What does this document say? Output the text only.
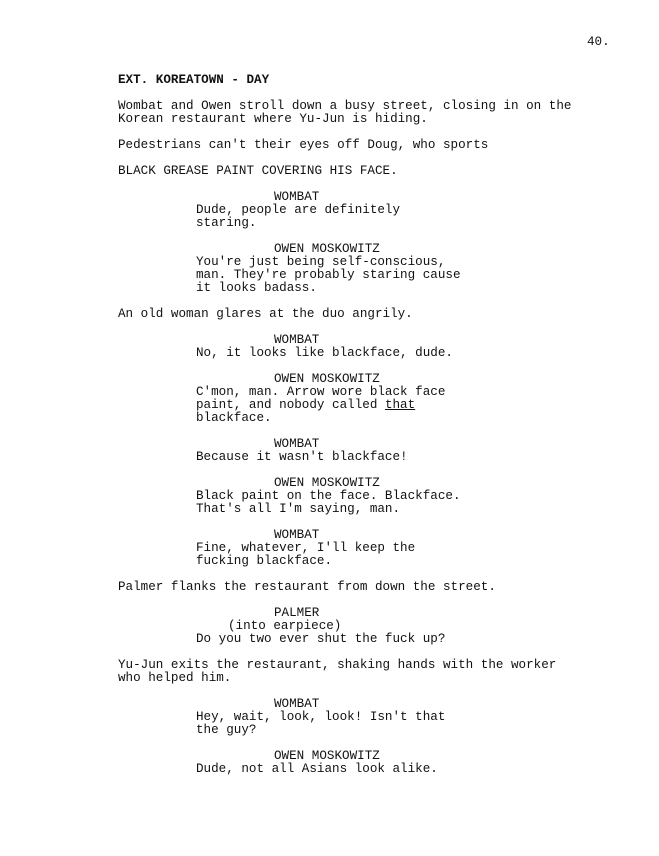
40.
EXT. KOREATOWN - DAY
Wombat and Owen stroll down a busy street, closing in on the
Korean restaurant where Yu-Jun is hiding.
Pedestrians can't their eyes off Doug, who sports
BLACK GREASE PAINT COVERING HIS FACE.
WOMBAT
Dude, people are definitely
staring.
OWEN MOSKOWITZ
You're just being self-conscious,
man. They're probably staring cause
it looks badass.
An old woman glares at the duo angrily.
WOMBAT
No, it looks like blackface, dude.
OWEN MOSKOWITZ
C'mon, man. Arrow wore black face
paint, and nobody called that
blackface.
WOMBAT
Because it wasn't blackface!
OWEN MOSKOWITZ
Black paint on the face. Blackface.
That's all I'm saying, man.
WOMBAT
Fine, whatever, I'll keep the
fucking blackface.
Palmer flanks the restaurant from down the street.
PALMER
(into earpiece)
Do you two ever shut the fuck up?
Yu-Jun exits the restaurant, shaking hands with the worker
who helped him.
WOMBAT
Hey, wait, look, look! Isn't that
the guy?
OWEN MOSKOWITZ
Dude, not all Asians look alike.
